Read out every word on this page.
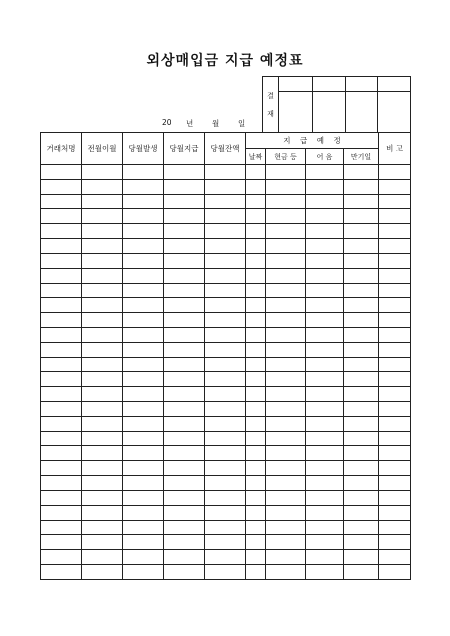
외상매입금 지급 예정표
20 년	월	일
결
재				

거래처명	전월이월	당월발생	당월지급	당월잔액	지    급    예    정				비 고
					날짜	현금 등	어 음	만기일	
